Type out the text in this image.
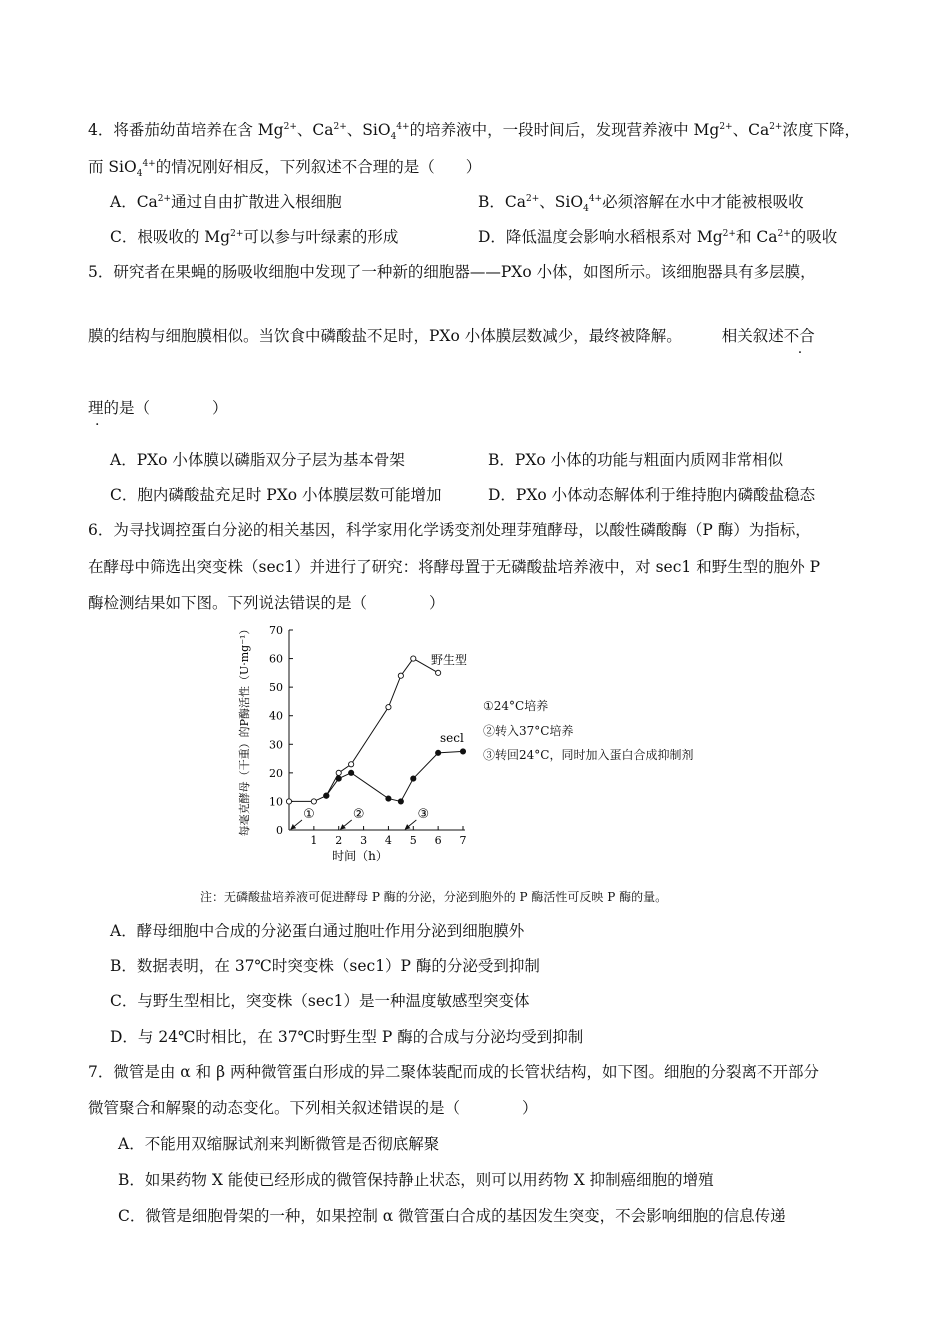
4．将番茄幼苗培养在含 $Mg^{2+}$、$Ca^{2+}$、SiO$_4^{4+}$的培养液中，一段时间后，发现营养液中 $Mg^{2+}$、$Ca^{2+}$浓度下降，
而 SiO$_4^{4+}$的情况刚好相反，下列叙述不合理的是（　　）
A．$Ca^{2+}$通过自由扩散进入根细胞	B．$Ca^{2+}$、SiO$_4^{4+}$必须溶解在水中才能被根吸收
C．根吸收的 $Mg^{2+}$可以参与叶绿素的形成	D．降低温度会影响水稻根系对 $Mg^{2+}$和 $Ca^{2+}$的吸收
5．研究者在果蝇的肠吸收细胞中发现了一种新的细胞器——PXo 小体，如图所示。该细胞器具有多层膜，
膜的结构与细胞膜相似。当饮食中磷酸盐不足时，PXo 小体膜层数减少，最终被降解。	相关叙述不合
理的是（　　　　）
A．PXo 小体膜以磷脂双分子层为基本骨架	B．PXo 小体的功能与粗面内质网非常相似
C．胞内磷酸盐充足时 PXo 小体膜层数可能增加	D．PXo 小体动态解体利于维持胞内磷酸盐稳态
6．为寻找调控蛋白分泌的相关基因，科学家用化学诱变剂处理芽殖酵母，以酸性磷酸酶（P 酶）为指标，
在酵母中筛选出突变株（sec1）并进行了研究：将酵母置于无磷酸盐培养液中，对 sec1 和野生型的胞外 P
酶检测结果如下图。下列说法错误的是（　　　　）
1 2 3 4 5 6 7
0
10
20
30
40
50
60
70
①	②	③
时间（h）
每毫克酵母（干重）的P酶活性（U·mg⁻¹）	野生型
secl
①24°C培养
②转入37°C培养
③转回24°C，同时加入蛋白合成抑制剂
注：无磷酸盐培养液可促进酵母 P 酶的分泌，分泌到胞外的 P 酶活性可反映 P 酶的量。
A．酵母细胞中合成的分泌蛋白通过胞吐作用分泌到细胞膜外
B．数据表明，在 37℃时突变株（sec1）P 酶的分泌受到抑制
C．与野生型相比，突变株（sec1）是一种温度敏感型突变体
D．与 24℃时相比，在 37℃时野生型 P 酶的合成与分泌均受到抑制
7．微管是由 α 和 β 两种微管蛋白形成的异二聚体装配而成的长管状结构，如下图。细胞的分裂离不开部分
微管聚合和解聚的动态变化。下列相关叙述错误的是（　　　　）
A．不能用双缩脲试剂来判断微管是否彻底解聚
B．如果药物 X 能使已经形成的微管保持静止状态，则可以用药物 X 抑制癌细胞的增殖
C．微管是细胞骨架的一种，如果控制 α 微管蛋白合成的基因发生突变，不会影响细胞的信息传递
